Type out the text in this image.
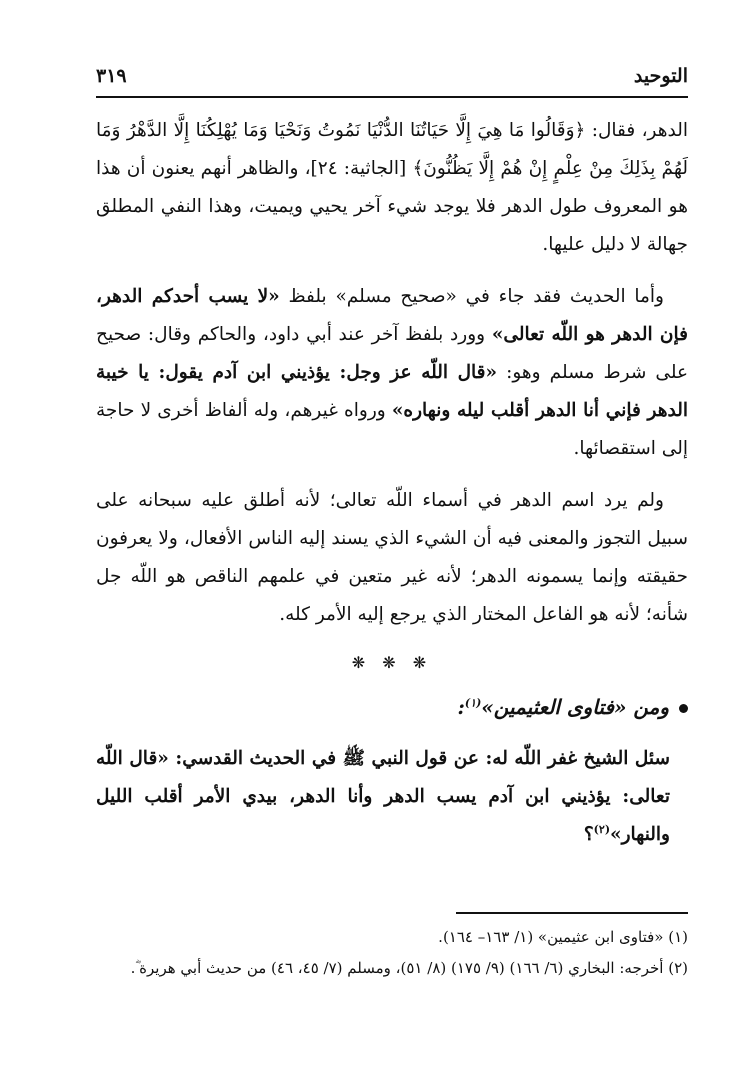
التوحيد
٣١٩

الدهر، فقال: ﴿وَقَالُوا مَا هِيَ إِلَّا حَيَاتُنَا الدُّنْيَا نَمُوتُ وَنَحْيَا وَمَا يُهْلِكُنَا إِلَّا الدَّهْرُ وَمَا لَهُمْ بِذَلِكَ مِنْ عِلْمٍ إِنْ هُمْ إِلَّا يَظُنُّونَ﴾ [الجاثية: ٢٤]، والظاهر أنهم يعنون أن هذا هو المعروف طول الدهر فلا يوجد شيء آخر يحيي ويميت، وهذا النفي المطلق جهالة لا دليل عليها.

وأما الحديث فقد جاء في «صحيح مسلم» بلفظ «لا يسب أحدكم الدهر، فإن الدهر هو اللّه تعالى» وورد بلفظ آخر عند أبي داود، والحاكم وقال: صحيح على شرط مسلم وهو: «قال اللّه عز وجل: يؤذيني ابن آدم يقول: يا خيبة الدهر فإني أنا الدهر أقلب ليله ونهاره» ورواه غيرهم، وله ألفاظ أخرى لا حاجة إلى استقصائها.

ولم يرد اسم الدهر في أسماء اللّه تعالى؛ لأنه أطلق عليه سبحانه على سبيل التجوز والمعنى فيه أن الشيء الذي يسند إليه الناس الأفعال، ولا يعرفون حقيقته وإنما يسمونه الدهر؛ لأنه غير متعين في علمهم الناقص هو اللّه جل شأنه؛ لأنه هو الفاعل المختار الذي يرجع إليه الأمر كله.

❋ ❋ ❋
ومن «فتاوى العثيمين»$^{(١)}$:
سئل الشيخ غفر اللّه له: عن قول النبي ﷺ في الحديث القدسي: «قال اللّه تعالى: يؤذيني ابن آدم يسب الدهر وأنا الدهر، بيدي الأمر أقلب الليل والنهار»$^{(٢)}$؟

(١) «فتاوى ابن عثيمين» (١/ ١٦٣– ١٦٤).

(٢) أخرجه: البخاري (٦/ ١٦٦) (٩/ ١٧٥) (٨/ ٥١)، ومسلم (٧/ ٤٥، ٤٦) من حديث أبي هريرة ؓ.
